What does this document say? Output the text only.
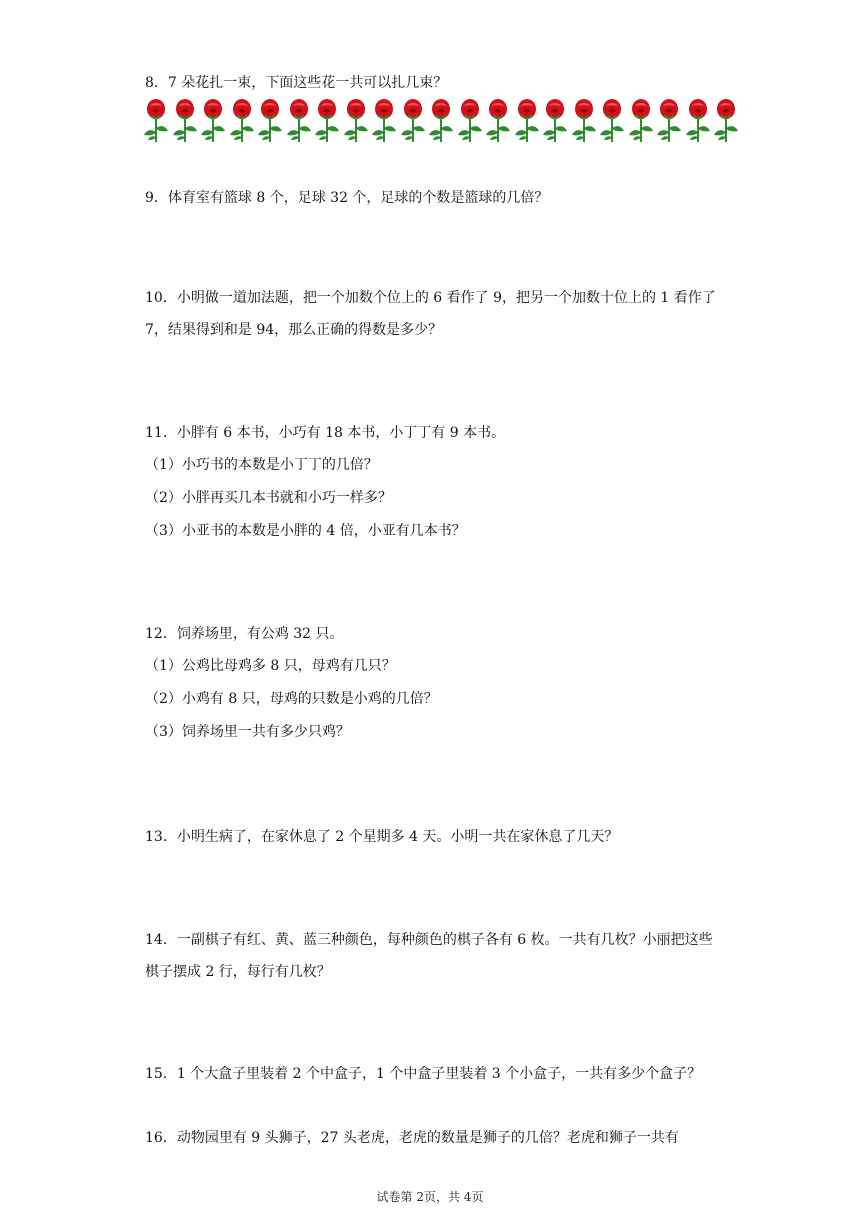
8．7 朵花扎一束，下面这些花一共可以扎几束？
9．体育室有篮球 8 个，足球 32 个，足球的个数是篮球的几倍？
10．小明做一道加法题，把一个加数个位上的 6 看作了 9，把另一个加数十位上的 1 看作了 7，结果得到和是 94，那么正确的得数是多少？
11．小胖有 6 本书，小巧有 18 本书，小丁丁有 9 本书。
（1）小巧书的本数是小丁丁的几倍？
（2）小胖再买几本书就和小巧一样多？
（3）小亚书的本数是小胖的 4 倍，小亚有几本书？
12．饲养场里，有公鸡 32 只。
（1）公鸡比母鸡多 8 只，母鸡有几只？
（2）小鸡有 8 只，母鸡的只数是小鸡的几倍？
（3）饲养场里一共有多少只鸡？
13．小明生病了，在家休息了 2 个星期多 4 天。小明一共在家休息了几天？
14．一副棋子有红、黄、蓝三种颜色，每种颜色的棋子各有 6 枚。一共有几枚？小丽把这些棋子摆成 2 行，每行有几枚？
15．1 个大盒子里装着 2 个中盒子，1 个中盒子里装着 3 个小盒子，一共有多少个盒子？
16．动物园里有 9 头狮子，27 头老虎，老虎的数量是狮子的几倍？老虎和狮子一共有
试卷第 2页，共 4页
